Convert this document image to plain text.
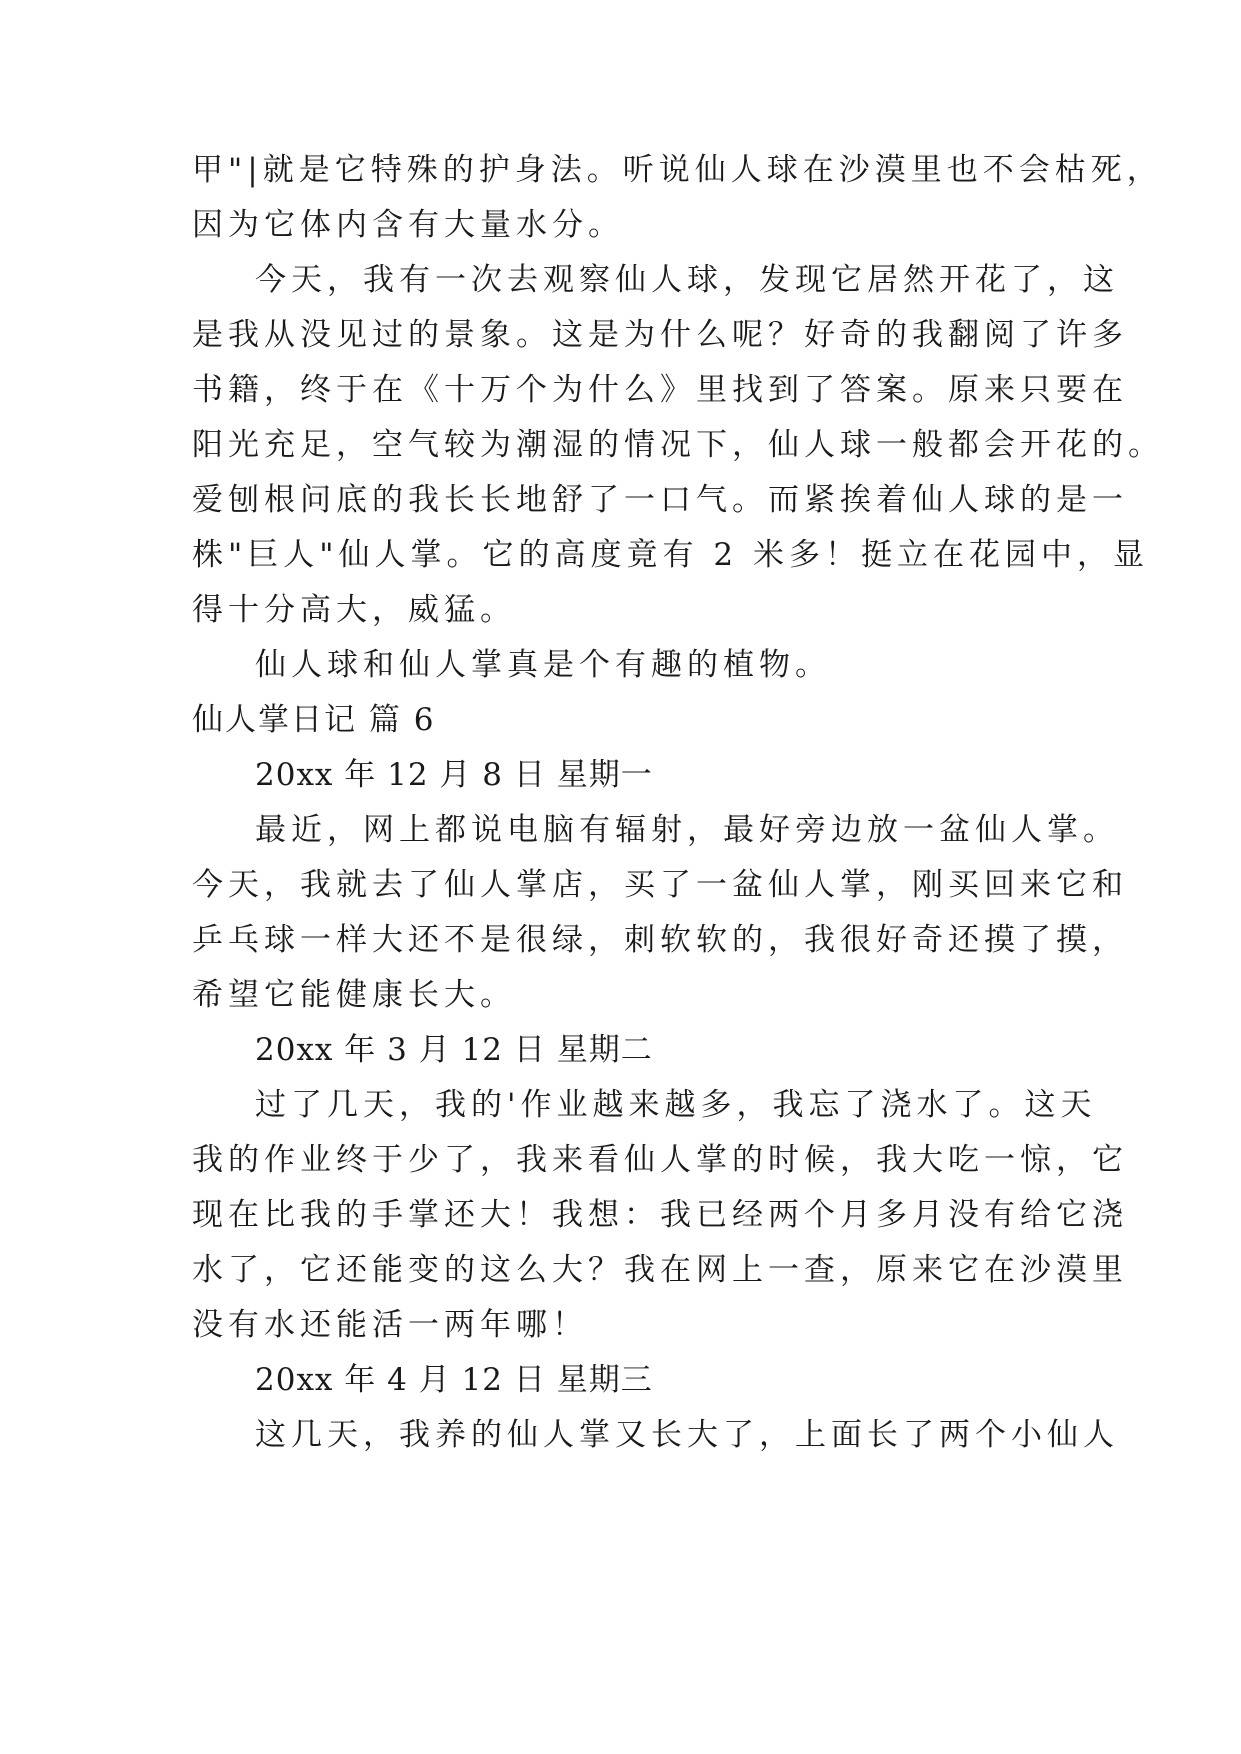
甲"|就是它特殊的护身法。听说仙人球在沙漠里也不会枯死，
因为它体内含有大量水分。
今天，我有一次去观察仙人球，发现它居然开花了，这
是我从没见过的景象。这是为什么呢？好奇的我翻阅了许多
书籍，终于在《十万个为什么》里找到了答案。原来只要在
阳光充足，空气较为潮湿的情况下，仙人球一般都会开花的。
爱刨根问底的我长长地舒了一口气。而紧挨着仙人球的是一
株"巨人"仙人掌。它的高度竟有 2 米多！挺立在花园中，显
得十分高大，威猛。
仙人球和仙人掌真是个有趣的植物。
仙人掌日记 篇 6
20xx 年 12 月 8 日 星期一
最近，网上都说电脑有辐射，最好旁边放一盆仙人掌。
今天，我就去了仙人掌店，买了一盆仙人掌，刚买回来它和
乒乓球一样大还不是很绿，刺软软的，我很好奇还摸了摸，
希望它能健康长大。
20xx 年 3 月 12 日 星期二
过了几天，我的'作业越来越多，我忘了浇水了。这天
我的作业终于少了，我来看仙人掌的时候，我大吃一惊，它
现在比我的手掌还大！我想：我已经两个月多月没有给它浇
水了，它还能变的这么大？我在网上一查，原来它在沙漠里
没有水还能活一两年哪！
20xx 年 4 月 12 日 星期三
这几天，我养的仙人掌又长大了，上面长了两个小仙人
